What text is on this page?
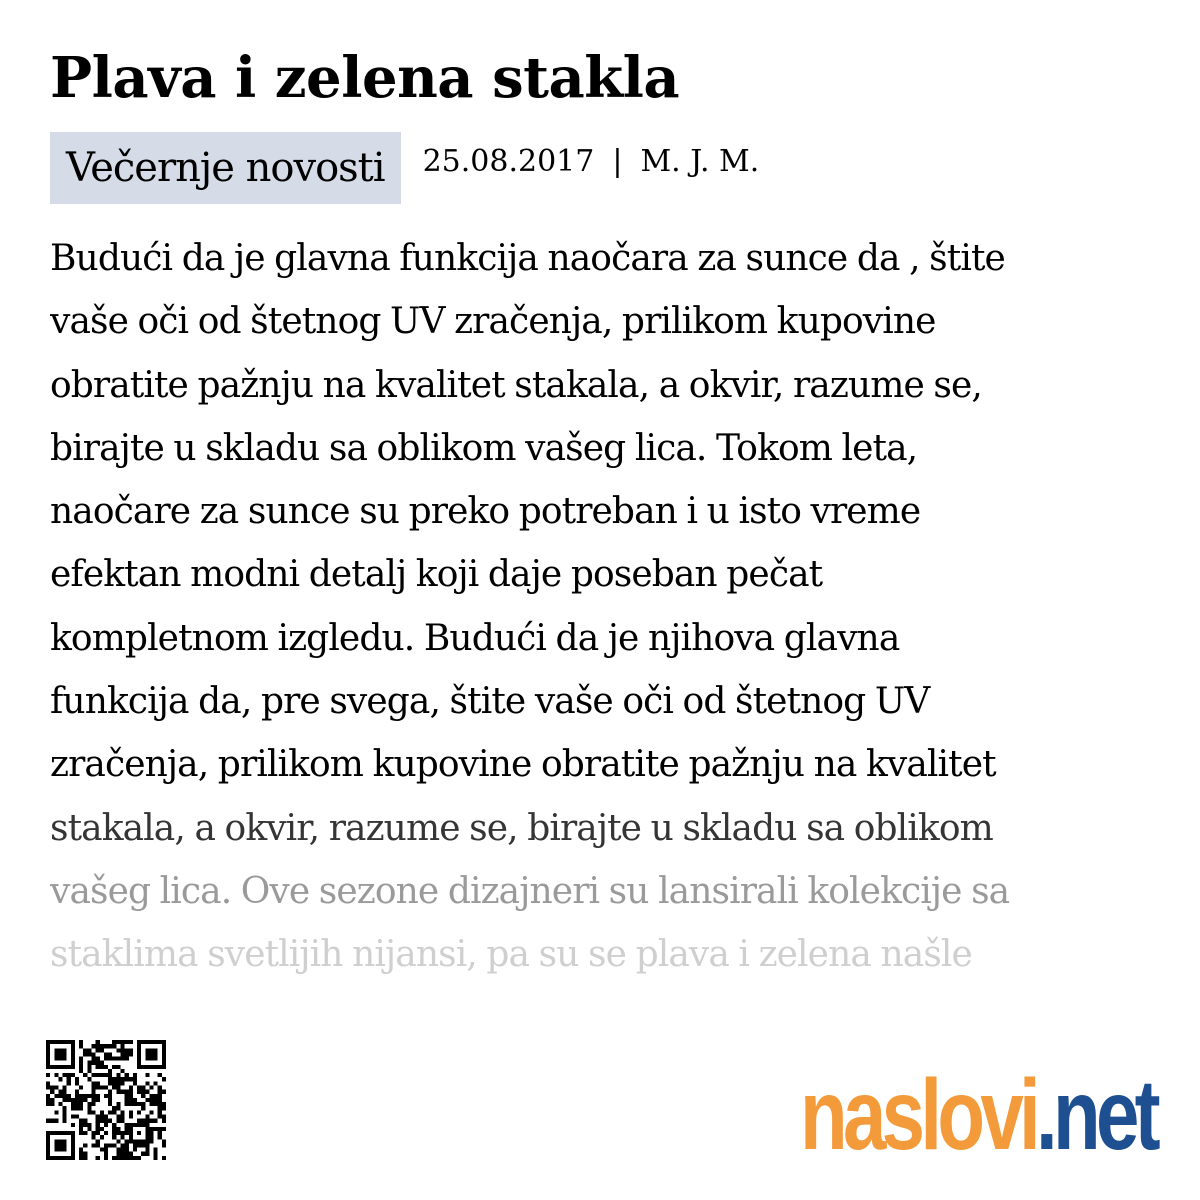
Plava i zelena stakla
Večernje novosti	25.08.2017 | M. J. M.
Budući da je glavna funkcija naočara za sunce da , štite
vaše oči od štetnog UV zračenja, prilikom kupovine
obratite pažnju na kvalitet stakala, a okvir, razume se,
birajte u skladu sa oblikom vašeg lica. Tokom leta,
naočare za sunce su preko potreban i u isto vreme
efektan modni detalj koji daje poseban pečat
kompletnom izgledu. Budući da je njihova glavna
funkcija da, pre svega, štite vaše oči od štetnog UV
zračenja, prilikom kupovine obratite pažnju na kvalitet
stakala, a okvir, razume se, birajte u skladu sa oblikom
vašeg lica. Ove sezone dizajneri su lansirali kolekcije sa
staklima svetlijih nijansi, pa su se plava i zelena našle
naslovi.net
